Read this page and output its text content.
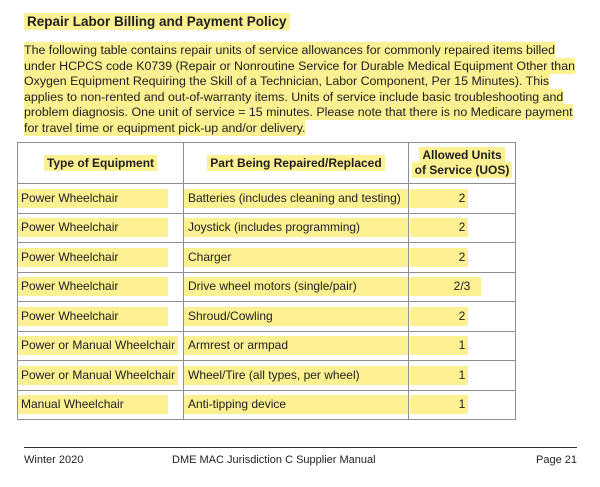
Repair Labor Billing and Payment Policy
The following table contains repair units of service allowances for commonly repaired items billed under HCPCS code K0739 (Repair or Nonroutine Service for Durable Medical Equipment Other than Oxygen Equipment Requiring the Skill of a Technician, Labor Component, Per 15 Minutes). This applies to non-rented and out-of-warranty items. Units of service include basic troubleshooting and problem diagnosis. One unit of service = 15 minutes. Please note that there is no Medicare payment for travel time or equipment pick-up and/or delivery.
Type of Equipment	Part Being Repaired/Replaced	Allowed Units
of Service (UOS)

Power Wheelchair	Batteries (includes cleaning and testing)	2

Power Wheelchair	Joystick (includes programming)	2

Power Wheelchair	Charger	2

Power Wheelchair	Drive wheel motors (single/pair)	2/3

Power Wheelchair	Shroud/Cowling	2

Power or Manual Wheelchair	Armrest or armpad	1

Power or Manual Wheelchair	Wheel/Tire (all types, per wheel)	1

Manual Wheelchair	Anti-tipping device	1
Winter 2020	DME MAC Jurisdiction C Supplier Manual	Page 21
